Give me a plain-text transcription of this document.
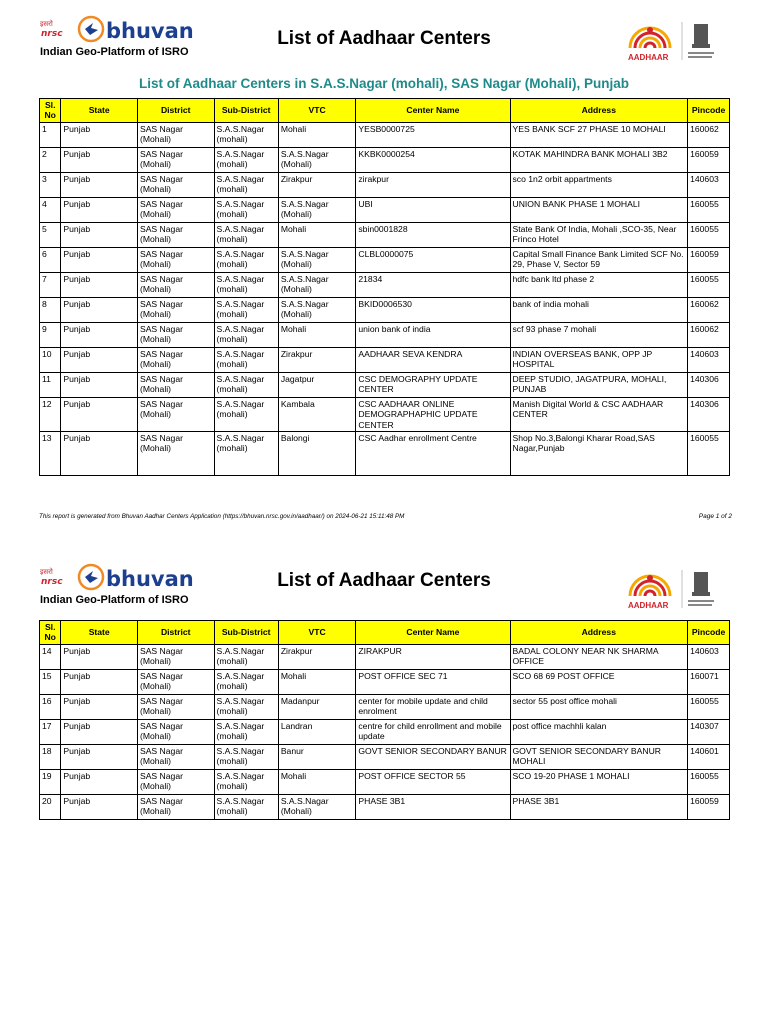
इसरो
nrsc bhuvan
Indian Geo-Platform of ISRO
List of Aadhaar Centers
AADHAAR
List of Aadhaar Centers in S.A.S.Nagar (mohali), SAS Nagar (Mohali), Punjab
Sl. No	State	District	Sub-District	VTC	Center Name	Address	Pincode
1	Punjab	SAS Nagar (Mohali)	S.A.S.Nagar (mohali)	Mohali	YESB0000725	YES BANK SCF 27 PHASE 10 MOHALI	160062
2	Punjab	SAS Nagar (Mohali)	S.A.S.Nagar (mohali)	S.A.S.Nagar (Mohali)	KKBK0000254	KOTAK MAHINDRA BANK MOHALI 3B2	160059
3	Punjab	SAS Nagar (Mohali)	S.A.S.Nagar (mohali)	Zirakpur	zirakpur	sco 1n2 orbit appartments	140603
4	Punjab	SAS Nagar (Mohali)	S.A.S.Nagar (mohali)	S.A.S.Nagar (Mohali)	UBI	UNION BANK PHASE 1 MOHALI	160055
5	Punjab	SAS Nagar (Mohali)	S.A.S.Nagar (mohali)	Mohali	sbin0001828	State Bank Of India, Mohali ,SCO-35, Near Frinco Hotel	160055
6	Punjab	SAS Nagar (Mohali)	S.A.S.Nagar (mohali)	S.A.S.Nagar (Mohali)	CLBL0000075	Capital Small Finance Bank Limited SCF No. 29, Phase V, Sector 59	160059
7	Punjab	SAS Nagar (Mohali)	S.A.S.Nagar (mohali)	S.A.S.Nagar (Mohali)	21834	hdfc bank ltd phase 2	160055
8	Punjab	SAS Nagar (Mohali)	S.A.S.Nagar (mohali)	S.A.S.Nagar (Mohali)	BKID0006530	bank of india mohali	160062
9	Punjab	SAS Nagar (Mohali)	S.A.S.Nagar (mohali)	Mohali	union bank of india	scf 93 phase 7 mohali	160062
10	Punjab	SAS Nagar (Mohali)	S.A.S.Nagar (mohali)	Zirakpur	AADHAAR SEVA KENDRA	INDIAN OVERSEAS BANK, OPP JP HOSPITAL	140603
11	Punjab	SAS Nagar (Mohali)	S.A.S.Nagar (mohali)	Jagatpur	CSC DEMOGRAPHY UPDATE CENTER	DEEP STUDIO, JAGATPURA, MOHALI, PUNJAB	140306
12	Punjab	SAS Nagar (Mohali)	S.A.S.Nagar (mohali)	Kambala	CSC AADHAAR ONLINE DEMOGRAPHAPHIC UPDATE CENTER	Manish Digital World & CSC AADHAAR CENTER	140306
13	Punjab	SAS Nagar (Mohali)	S.A.S.Nagar (mohali)	Balongi	CSC Aadhar enrollment Centre	Shop No.3,Balongi Kharar Road,SAS Nagar,Punjab	160055
This report is generated from Bhuvan Aadhar Centers Application (https://bhuvan.nrsc.gov.in/aadhaar/) on 2024-06-21 15:11:48 PM	Page 1 of 2
इसरो
nrsc bhuvan
Indian Geo-Platform of ISRO
List of Aadhaar Centers
AADHAAR
Sl. No	State	District	Sub-District	VTC	Center Name	Address	Pincode
14	Punjab	SAS Nagar (Mohali)	S.A.S.Nagar (mohali)	Zirakpur	ZIRAKPUR	BADAL COLONY NEAR NK SHARMA OFFICE	140603
15	Punjab	SAS Nagar (Mohali)	S.A.S.Nagar (mohali)	Mohali	POST OFFICE SEC 71	SCO 68 69 POST OFFICE	160071
16	Punjab	SAS Nagar (Mohali)	S.A.S.Nagar (mohali)	Madanpur	center for mobile update and child enrolment	sector 55 post office mohali	160055
17	Punjab	SAS Nagar (Mohali)	S.A.S.Nagar (mohali)	Landran	centre for child enrollment and mobile update	post office machhli kalan	140307
18	Punjab	SAS Nagar (Mohali)	S.A.S.Nagar (mohali)	Banur	GOVT SENIOR SECONDARY BANUR	GOVT SENIOR SECONDARY BANUR MOHALI	140601
19	Punjab	SAS Nagar (Mohali)	S.A.S.Nagar (mohali)	Mohali	POST OFFICE SECTOR 55	SCO 19-20 PHASE 1 MOHALI	160055
20	Punjab	SAS Nagar (Mohali)	S.A.S.Nagar (mohali)	S.A.S.Nagar (Mohali)	PHASE 3B1	PHASE 3B1	160059
